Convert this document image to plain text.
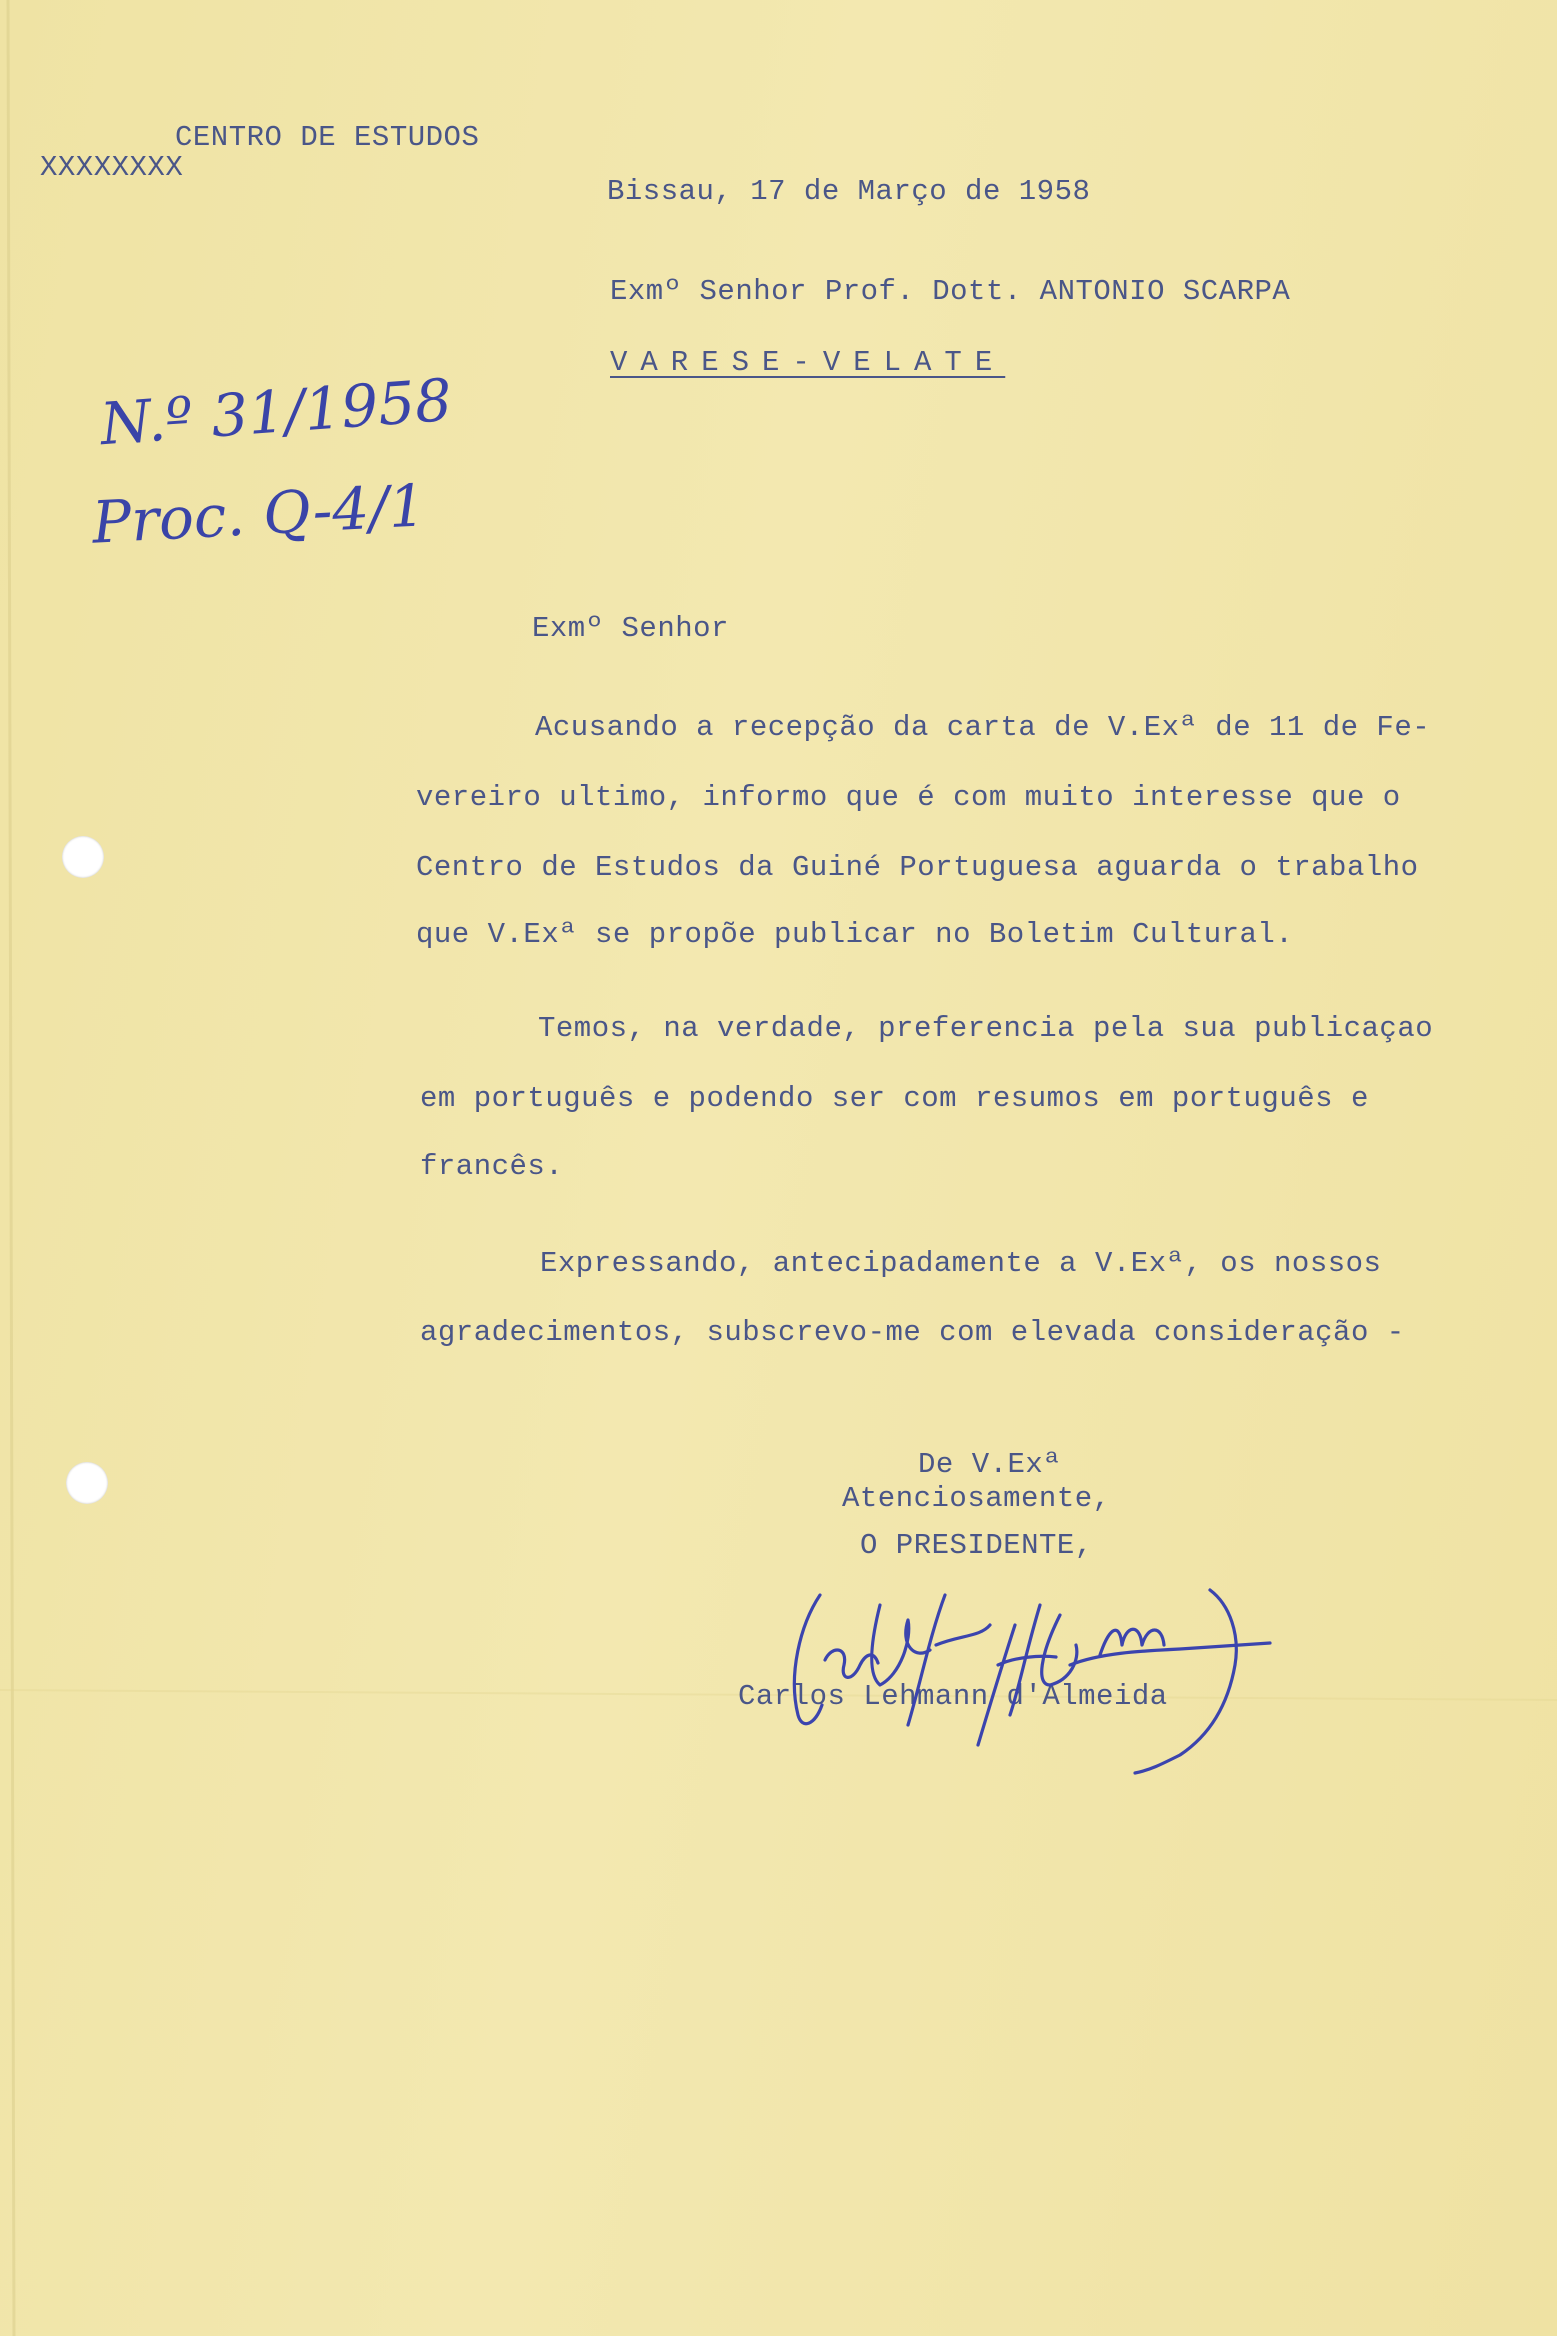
CENTRO DE ESTUDOS

XXXXXXXX

Bissau, 17 de Março de 1958

Exmº Senhor Prof. Dott. ANTONIO SCARPA

VARESE-VELATE

N.º 31/1958

Proc. Q-4/1

Exmº Senhor

Acusando a recepção da carta de V.Exª de 11 de Fe-

vereiro ultimo, informo que é com muito interesse que o

Centro de Estudos da Guiné Portuguesa aguarda o trabalho

que V.Exª se propõe publicar no Boletim Cultural.

Temos, na verdade, preferencia pela sua publicaçao

em português e podendo ser com resumos em português e

francês.

Expressando, antecipadamente a V.Exª, os nossos

agradecimentos, subscrevo-me com elevada consideração -

De V.Exª

Atenciosamente,

O PRESIDENTE,

Carlos Lehmann d'Almeida
